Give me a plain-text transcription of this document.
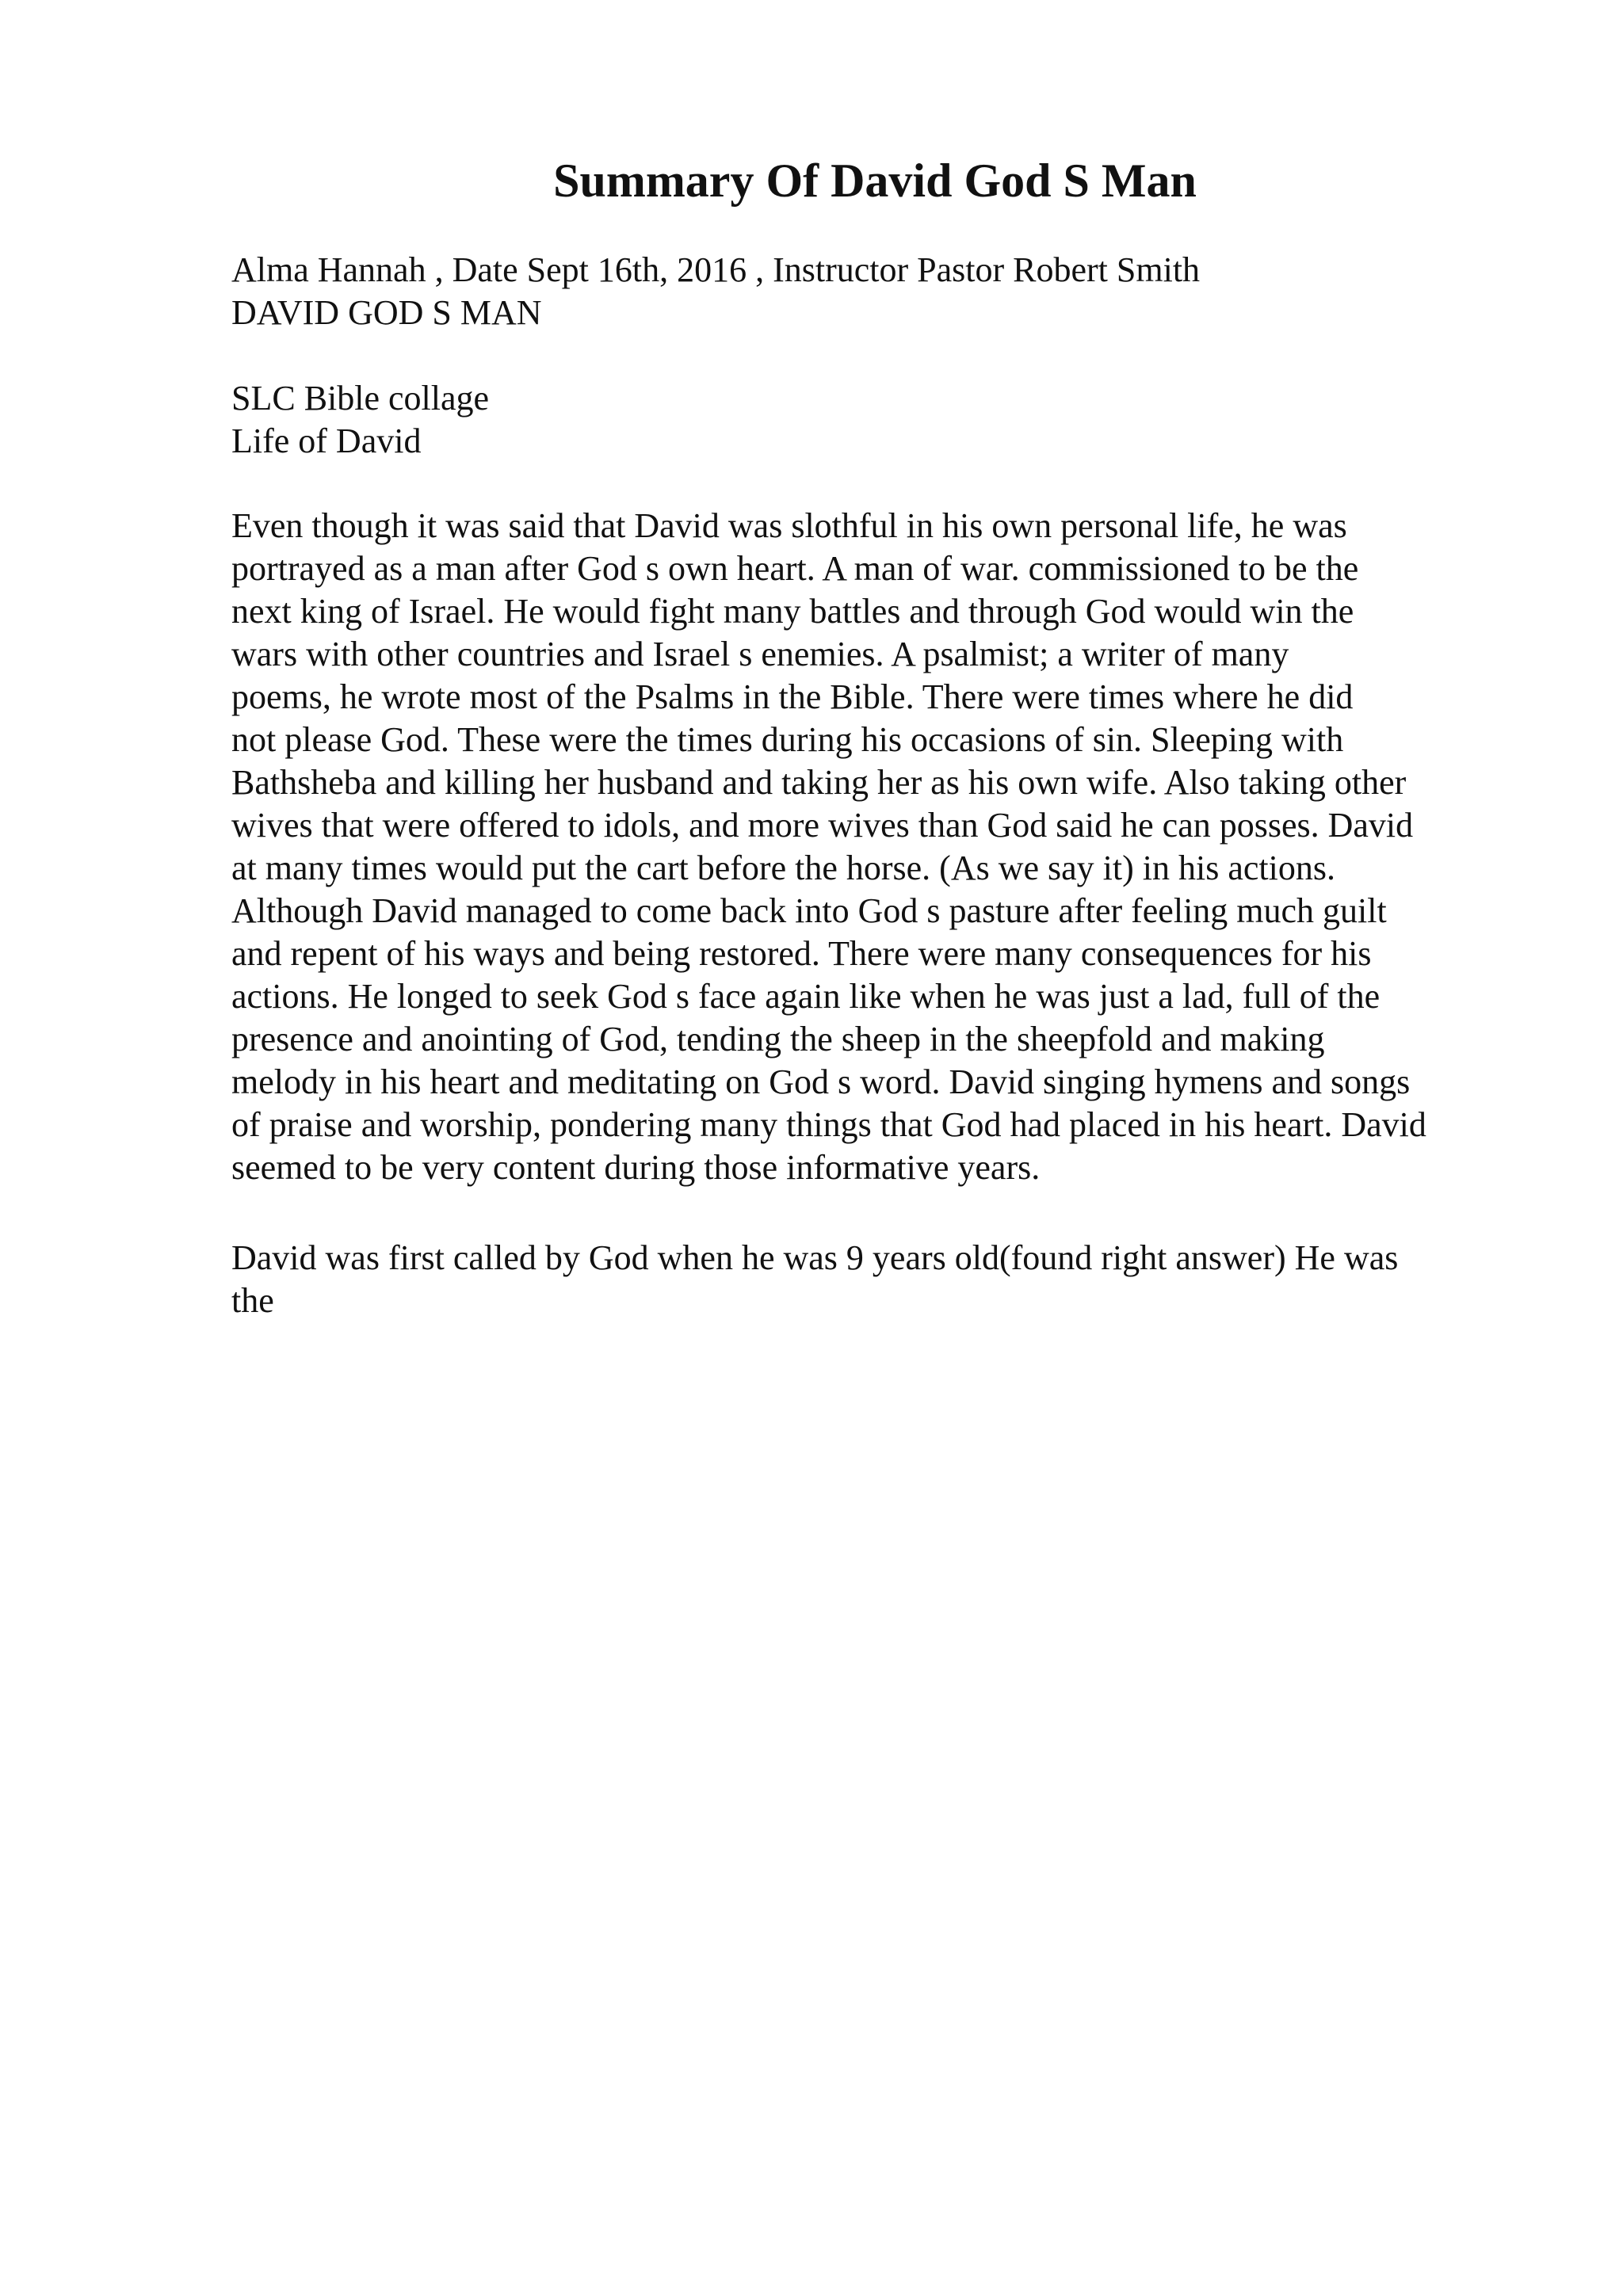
Summary Of David God S Man

Alma Hannah , Date Sept 16th, 2016 , Instructor Pastor Robert Smith
DAVID GOD S MAN

SLC Bible collage
Life of David

Even though it was said that David was slothful in his own personal life, he was
portrayed as a man after God s own heart. A man of war. commissioned to be the
next king of Israel. He would fight many battles and through God would win the
wars with other countries and Israel s enemies. A psalmist; a writer of many
poems, he wrote most of the Psalms in the Bible. There were times where he did
not please God. These were the times during his occasions of sin. Sleeping with
Bathsheba and killing her husband and taking her as his own wife. Also taking other
wives that were offered to idols, and more wives than God said he can posses. David
at many times would put the cart before the horse. (As we say it) in his actions.
Although David managed to come back into God s pasture after feeling much guilt
and repent of his ways and being restored. There were many consequences for his
actions. He longed to seek God s face again like when he was just a lad, full of the
presence and anointing of God, tending the sheep in the sheepfold and making
melody in his heart and meditating on God s word. David singing hymens and songs
of praise and worship, pondering many things that God had placed in his heart. David
seemed to be very content during those informative years.

David was first called by God when he was 9 years old(found right answer) He was
the
